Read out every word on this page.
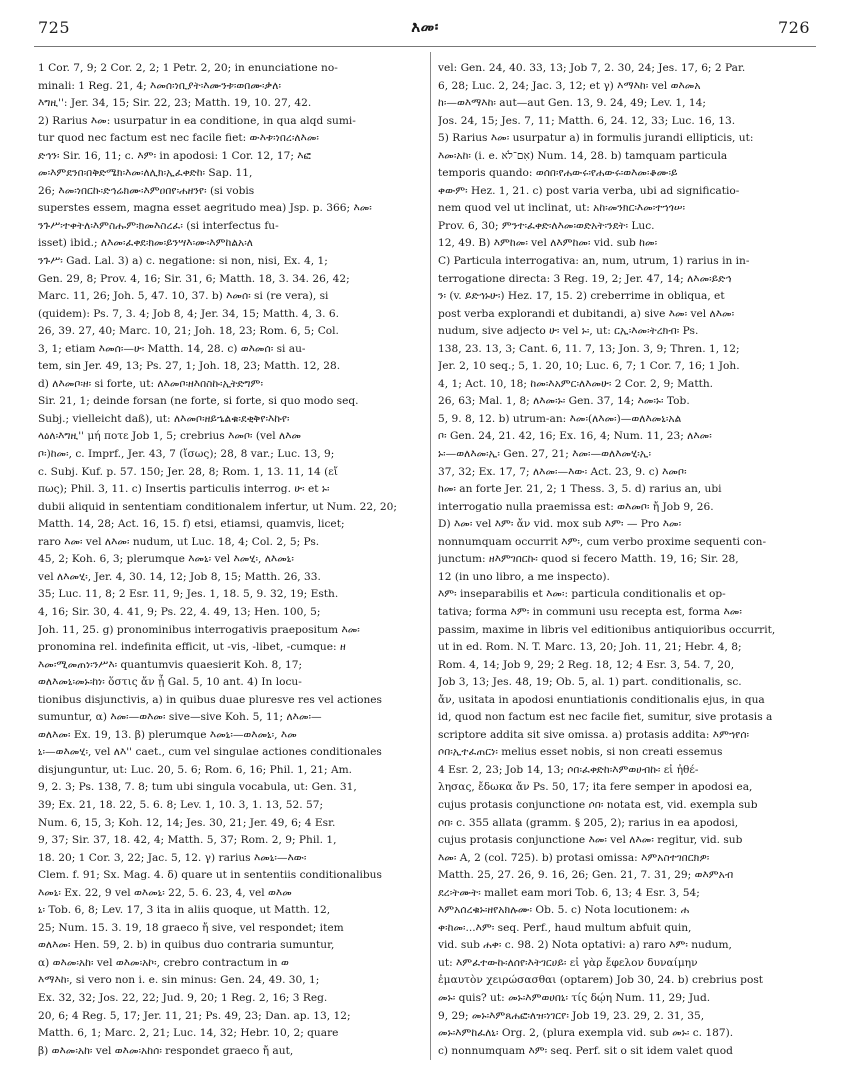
725	እመ፡	726
1 Cor. 7, 9; 2 Cor. 2, 2; 1 Petr. 2, 20; in enunciatione no-
minali: 1 Reg. 21, 4; እመሰ፡ነቢያት፡እሙንቱ፡ወበሙ፡ቃለ፡
እግዚ'': Jer. 34, 15; Sir. 22, 23; Matth. 19, 10. 27, 42.
2) Rarius እመ: usurpatur in ea conditione, in qua alqd sumi-
tur quod nec factum est nec facile fiet: ውእቱ፡ነበረ፡ለእመ፡
ድኅን፡ Sir. 16, 11; c. እም፡ in apodosi: 1 Cor. 12, 17; እፎ
መ፡እምደንበ፡በቅድሜክ፡እመ፡ለሊክ፡ኢፈቀድከ፡ Sap. 11,
26; እመ፡ነበርኩ፡ድኅሬክሙ፡እምዐበየ፡ሐዘንየ፡ (si vobis
superstes essem, magna esset aegritudo mea) Jsp. p. 366; እመ፡
ንጉሥ፡ተቀትለ፡እምስሑም፡ክመእስረፈ፡ (si interfectus fu-
isset) ibid.; ለእመ፡ፈቀደ፡ክመ፡ይንሣእ፡ሙ፡እምከልአ፡ለ
ንጉሥ፡ Gad. Lal. 3) a) c. negatione: si non, nisi, Ex. 4, 1;
Gen. 29, 8; Prov. 4, 16; Sir. 31, 6; Matth. 18, 3. 34. 26, 42;
Marc. 11, 26; Joh. 5, 47. 10, 37. b) እመሰ፡ si (re vera), si
(quidem): Ps. 7, 3. 4; Job 8, 4; Jer. 34, 15; Matth. 4, 3. 6.
26, 39. 27, 40; Marc. 10, 21; Joh. 18, 23; Rom. 6, 5; Col.
3, 1; etiam እመሰ፡—ሁ፡ Matth. 14, 28. c) ወእመሰ፡ si au-
tem, sin Jer. 49, 13; Ps. 27, 1; Joh. 18, 23; Matth. 12, 28.
d) ለእመቦ፡ዘ፡ si forte, ut: ለእመቦ፡ዘእበስኩ፡ኢትድግም፡
Sir. 21, 1; deinde forsan (ne forte, si forte, si quo modo seq.
Subj.; vielleicht daß), ut: ለእመቦ፡ዘይኄልቁ፡ደቂቅየ፡እኩየ፡
ላዕለ፡እግዚ'' μή ποτε Job 1, 5; crebrius እመቦ፡ (vel ለእመ
ቦ፡)ከመ፡, c. Imprf., Jer. 43, 7 (ἴσως); 28, 8 var.; Luc. 13, 9;
c. Subj. Kuf. p. 57. 150; Jer. 28, 8; Rom. 1, 13. 11, 14 (εἴ
πως); Phil. 3, 11. c) Insertis particulis interrog. ሁ፡ et ኑ፡
dubii aliquid in sententiam conditionalem infertur, ut Num. 22, 20;
Matth. 14, 28; Act. 16, 15. f) etsi, etiamsi, quamvis, licet;
raro እመ፡ vel ለእመ፡ nudum, ut Luc. 18, 4; Col. 2, 5; Ps.
45, 2; Koh. 6, 3; plerumque እመኒ፡ vel እመሂ፡, ለእመኒ፡
vel ለእመሂ፡, Jer. 4, 30. 14, 12; Job 8, 15; Matth. 26, 33.
35; Luc. 11, 8; 2 Esr. 11, 9; Jes. 1, 18. 5, 9. 32, 19; Esth.
4, 16; Sir. 30, 4. 41, 9; Ps. 22, 4. 49, 13; Hen. 100, 5;
Joh. 11, 25. g) pronominibus interrogativis praepositum እመ፡
pronomina rel. indefinita efficit, ut -vis, -libet, -cumque: ዘ
እመ፡ሚመጠነ፡ንሥእ፡ quantumvis quaesierit Koh. 8, 17;
ወለእመኒ፡መኑ፡ከነ፡ ὅστις ἄν ᾖ Gal. 5, 10 ant. 4) In locu-
tionibus disjunctivis, a) in quibus duae pluresve res vel actiones
sumuntur, α) እመ፡—ወእመ፡ sive—sive Koh. 5, 11; ለእመ፡—
ወለእመ፡ Ex. 19, 13. β) plerumque እመኒ፡—ወእመኒ፡, እመ
ኒ፡—ወእመሂ፡, vel ለእ'' caet., cum vel singulae actiones conditionales
disjunguntur, ut: Luc. 20, 5. 6; Rom. 6, 16; Phil. 1, 21; Am.
9, 2. 3; Ps. 138, 7. 8; tum ubi singula vocabula, ut: Gen. 31,
39; Ex. 21, 18. 22, 5. 6. 8; Lev. 1, 10. 3, 1. 13, 52. 57;
Num. 6, 15, 3; Koh. 12, 14; Jes. 30, 21; Jer. 49, 6; 4 Esr.
9, 37; Sir. 37, 18. 42, 4; Matth. 5, 37; Rom. 2, 9; Phil. 1,
18. 20; 1 Cor. 3, 22; Jac. 5, 12. γ) rarius እመኒ፡—እው፡
Clem. f. 91; Sx. Mag. 4. δ) quare ut in sententiis conditionalibus
እመኒ፡ Ex. 22, 9 vel ወእመኒ፡ 22, 5. 6. 23, 4, vel ወእመ
ኒ፡ Tob. 6, 8; Lev. 17, 3 ita in aliis quoque, ut Matth. 12,
25; Num. 15. 3. 19, 18 graeco ἤ sive, vel respondet; item
ወለእመ፡ Hen. 59, 2. b) in quibus duo contraria sumuntur,
α) ወእመ፡አከ፡ vel ወእመ፡አኮ፡, crebro contractum in ወ
እማእከ፡, si vero non i. e. sin minus: Gen. 24, 49. 30, 1;
Ex. 32, 32; Jos. 22, 22; Jud. 9, 20; 1 Reg. 2, 16; 3 Reg.
20, 6; 4 Reg. 5, 17; Jer. 11, 21; Ps. 49, 23; Dan. ap. 13, 12;
Matth. 6, 1; Marc. 2, 21; Luc. 14, 32; Hebr. 10, 2; quare
β) ወእመ፡አከ፡ vel ወእመ፡አከሰ፡ respondet graeco ἤ aut,
vel: Gen. 24, 40. 33, 13; Job 7, 2. 30, 24; Jes. 17, 6; 2 Par.
6, 28; Luc. 2, 24; Jac. 3, 12; et γ) እማእከ፡ vel ወእመአ
ከ፡—ወእማእከ፡ aut—aut Gen. 13, 9. 24, 49; Lev. 1, 14;
Jos. 24, 15; Jes. 7, 11; Matth. 6, 24. 12, 33; Luc. 16, 13.
5) Rarius እመ፡ usurpatur a) in formulis jurandi ellipticis, ut:
እመ፡አከ፡ (i. e. אִם־לֹא) Num. 14, 28. b) tamquam particula
temporis quando: ወሰበ፡የሐውሩ፡የሐውሩ፡ወእመ፡ቆሙ፡ይ
ቀውም፡ Hez. 1, 21. c) post varia verba, ubi ad significatio-
nem quod vel ut inclinat, ut: አከ፡መንክር፡እመ፡ተኀጎሠ፡
Prov. 6, 30; ምንተ፡ፈቀድ፡ለእመ፡ወድአት፡ንደት፡ Luc.
12, 49. B) እምከመ፡ vel ለእምከመ፡ vid. sub ከመ፡
C) Particula interrogativa: an, num, utrum, 1) rarius in in-
terrogatione directa: 3 Reg. 19, 2; Jer. 47, 14; ለእመ፡ይድኅ
ን፡ (v. ይድኅኑሁ፡) Hez. 17, 15. 2) creberrime in obliqua, et
post verba explorandi et dubitandi, a) sive እመ፡ vel ለእመ፡
nudum, sive adjecto ሁ፡ vel ኑ፡, ut: ርኢ፡እመ፡ትረክብ፡ Ps.
138, 23. 13, 3; Cant. 6, 11. 7, 13; Jon. 3, 9; Thren. 1, 12;
Jer. 2, 10 seq.; 5, 1. 20, 10; Luc. 6, 7; 1 Cor. 7, 16; 1 Joh.
4, 1; Act. 10, 18; ከመ፡እአምር፡ለእመሁ፡ 2 Cor. 2, 9; Matth.
26, 63; Mal. 1, 8; ለእመ፡ኑ፡ Gen. 37, 14; እመ፡ኑ፡ Tob.
5, 9. 8, 12. b) utrum-an: እመ፡(ለእመ፡)—ወለእመኒ፡አል
ቦ፡ Gen. 24, 21. 42, 16; Ex. 16, 4; Num. 11, 23; ለእመ፡
ኑ፡—ወለእመ፡ኢ፡ Gen. 27, 21; እመ፡—ወለእመሂ፡ኢ፡
37, 32; Ex. 17, 7; ለእመ፡—እው፡ Act. 23, 9. c) እመቦ፡
ከመ፡ an forte Jer. 21, 2; 1 Thess. 3, 5. d) rarius an, ubi
interrogatio nulla praemissa est: ወእመቦ፡ ἤ Job 9, 26.
D) እመ፡ vel እም፡ ἄν vid. mox sub እም፡ — Pro እመ፡
nonnumquam occurrit እም፡, cum verbo proxime sequenti con-
junctum: ዘእምገበርኩ፡ quod si fecero Matth. 19, 16; Sir. 28,
12 (in uno libro, a me inspecto).
እም፡ inseparabilis et እመ፡: particula conditionalis et op-
tativa; forma እም፡ in communi usu recepta est, forma እመ፡
passim, maxime in libris vel editionibus antiquioribus occurrit,
ut in ed. Rom. N. T. Marc. 13, 20; Joh. 11, 21; Hebr. 4, 8;
Rom. 4, 14; Job 9, 29; 2 Reg. 18, 12; 4 Esr. 3, 54. 7, 20,
Job 3, 13; Jes. 48, 19; Ob. 5, al. 1) part. conditionalis, sc.
ἄν, usitata in apodosi enuntiationis conditionalis ejus, in qua
id, quod non factum est nec facile fiet, sumitur, sive protasis a
scriptore addita sit sive omissa. a) protasis addita: እምኀየሰ፡
ሶበ፡ኢተፈጠርነ፡ melius esset nobis, si non creati essemus
4 Esr. 2, 23; Job 14, 13; ሶበ፡ፈቀድከ፡እምወሀብኩ፡ εἰ ἠθέ-
λησας, ἔδωκα ἄν Ps. 50, 17; ita fere semper in apodosi ea,
cujus protasis conjunctione ሶበ፡ notata est, vid. exempla sub
ሶበ፡ c. 355 allata (gramm. § 205, 2); rarius in ea apodosi,
cujus protasis conjunctione እመ፡ vel ለእመ፡ regitur, vid. sub
እመ፡ A, 2 (col. 725). b) protasi omissa: እምአስተገበርክዎ፡
Matth. 25, 27. 26, 9. 16, 26; Gen. 21, 7. 31, 29; ወእምአብ
ደረ፡ትሙት፡ mallet eam mori Tob. 6, 13; 4 Esr. 3, 54;
እምአሰረቁኑ፡ዘየአክሉሙ፡ Ob. 5. c) Nota locutionem: ሐ
ቀ፡ከመ፡...እም፡ seq. Perf., haud multum abfuit quin,
vid. sub ሐቀ፡ c. 98. 2) Nota optativi: a) raro እም፡ nudum,
ut: እምፈተውኩ፡ለሰየ፡እትገርሀይ፡ εἰ γὰρ ἔφελον δυναίμην
ἐμαυτὸν χειρώσασθαι (optarem) Job 30, 24. b) crebrius post
መኑ፡ quis? ut: መኑ፡እምወሀበኒ፡ τίς δῴη Num. 11, 29; Jud.
9, 29; መኑ፡እምጸሐፎ፡ለዝ፡ነገርየ፡ Job 19, 23. 29, 2. 31, 35,
መኑ፡እምከፈለኒ፡ Org. 2, (plura exempla vid. sub መኑ፡ c. 187).
c) nonnumquam እም፡ seq. Perf. sit o sit idem valet quod
